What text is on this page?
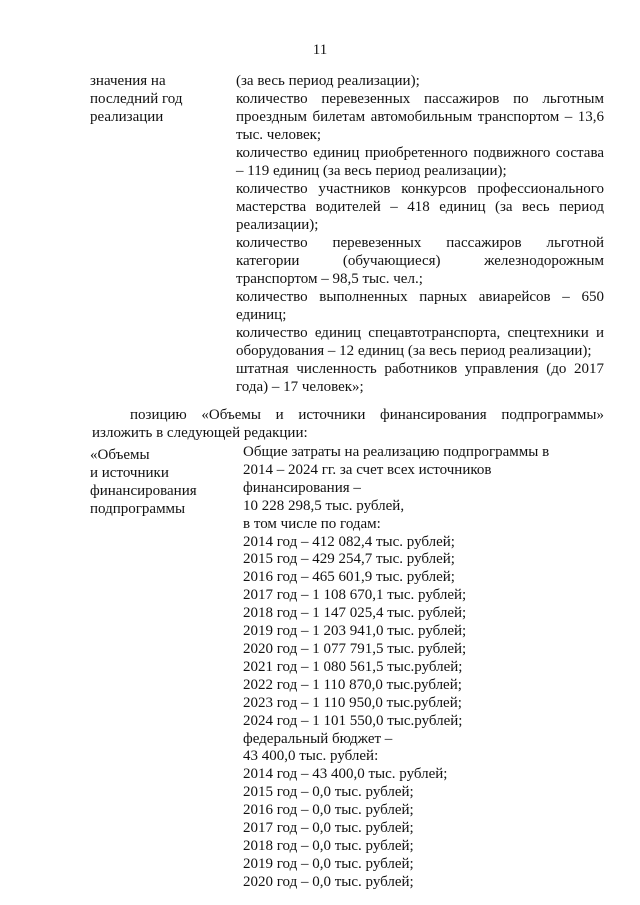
11
значения на
последний год
реализации
(за весь период реализации);
количество перевезенных пассажиров по льготным проездным билетам автомобильным транспортом – 13,6 тыс. человек;
количество единиц приобретенного подвижного состава – 119 единиц (за весь период реализации);
количество участников конкурсов профессионального мастерства водителей – 418 единиц (за весь период реализации);
количество перевезенных пассажиров льготной категории (обучающиеся) железнодорожным транспортом – 98,5 тыс. чел.;
количество выполненных парных авиарейсов – 650 единиц;
количество единиц спецавтотранспорта, спецтехники и оборудования – 12 единиц (за весь период реализации);
штатная численность работников управления (до 2017 года) – 17 человек»;
позицию «Объемы и источники финансирования подпрограммы»
изложить в следующей редакции:
«Объемы
и источники
финансирования
подпрограммы
Общие затраты на реализацию подпрограммы в
2014 – 2024 гг. за счет всех источников
финансирования –
10 228 298,5 тыс. рублей,
в том числе по годам:
2014 год – 412 082,4 тыс. рублей;
2015 год – 429 254,7 тыс. рублей;
2016 год – 465 601,9 тыс. рублей;
2017 год – 1 108 670,1 тыс. рублей;
2018 год – 1 147 025,4 тыс. рублей;
2019 год – 1 203 941,0 тыс. рублей;
2020 год – 1 077 791,5 тыс. рублей;
2021 год – 1 080 561,5 тыс.рублей;
2022 год – 1 110 870,0 тыс.рублей;
2023 год – 1 110 950,0 тыс.рублей;
2024 год – 1 101 550,0 тыс.рублей;
федеральный бюджет –
43 400,0 тыс. рублей:
2014 год – 43 400,0 тыс. рублей;
2015 год – 0,0 тыс. рублей;
2016 год – 0,0 тыс. рублей;
2017 год – 0,0 тыс. рублей;
2018 год – 0,0 тыс. рублей;
2019 год – 0,0 тыс. рублей;
2020 год – 0,0 тыс. рублей;
